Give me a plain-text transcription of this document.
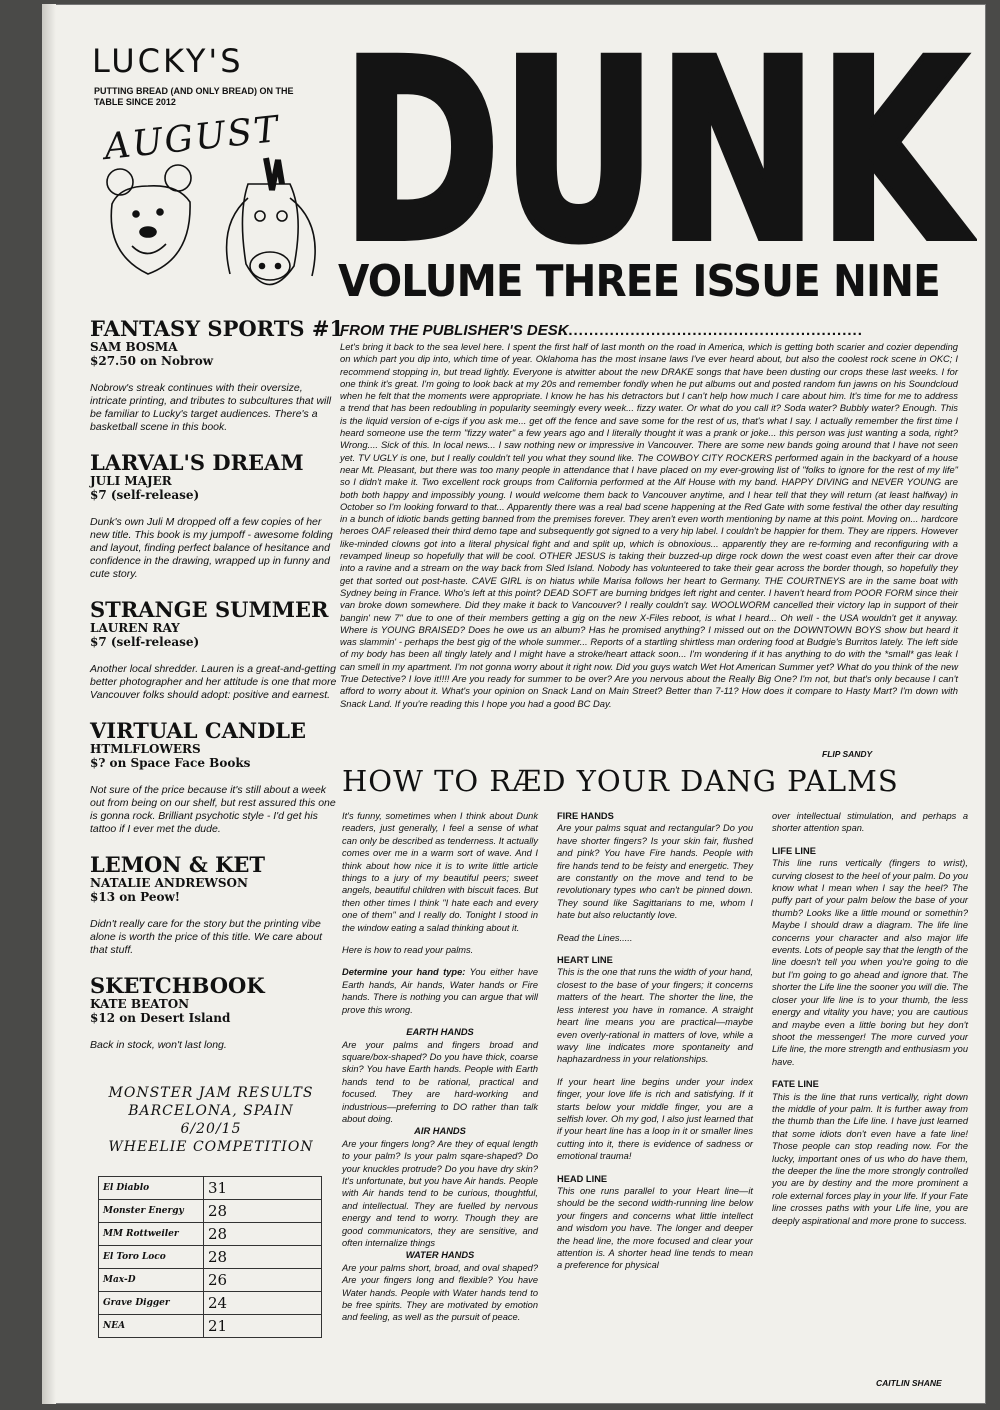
LUCKY'S
PUTTING BREAD (AND ONLY BREAD) ON THE TABLE SINCE 2012
AUGUST DUNK
VOLUME THREE ISSUE NINE
FANTASY SPORTS #1
SAM BOSMA
$27.50 on Nobrow
Nobrow's streak continues with their oversize, intricate printing, and tributes to subcultures that will be familiar to Lucky's target audiences. There's a basketball scene in this book.
LARVAL'S DREAM
JULI MAJER
$7 (self-release)
Dunk's own Juli M dropped off a few copies of her new title. This book is my jumpoff - awesome folding and layout, finding perfect balance of hesitance and confidence in the drawing, wrapped up in funny and cute story.
STRANGE SUMMER
LAUREN RAY
$7 (self-release)
Another local shredder. Lauren is a great-and-getting better photographer and her attitude is one that more Vancouver folks should adopt: positive and earnest.
VIRTUAL CANDLE
HTMLFLOWERS
$? on Space Face Books
Not sure of the price because it's still about a week out from being on our shelf, but rest assured this one is gonna rock. Brilliant psychotic style - I'd get his tattoo if I ever met the dude.
LEMON & KET
NATALIE ANDREWSON
$13 on Peow!
Didn't really care for the story but the printing vibe alone is worth the price of this title. We care about that stuff.
SKETCHBOOK
KATE BEATON
$12 on Desert Island
Back in stock, won't last long.
MONSTER JAM RESULTS
BARCELONA, SPAIN
6/20/15
WHEELIE COMPETITION
El Diablo	31
Monster Energy	28
MM Rottweiler	28
El Toro Loco	28
Max-D	26
Grave Digger	24
NEA	21
FROM THE PUBLISHER'S DESK
...........................................................
Let's bring it back to the sea level here. I spent the first half of last month on the road in America, which is getting both scarier and cozier depending on which part you dip into, which time of year. Oklahoma has the most insane laws I've ever heard about, but also the coolest rock scene in OKC; I recommend stopping in, but tread lightly. Everyone is atwitter about the new DRAKE songs that have been dusting our crops these last weeks. I for one think it's great. I'm going to look back at my 20s and remember fondly when he put albums out and posted random fun jawns on his Soundcloud when he felt that the moments were appropriate. I know he has his detractors but I can't help how much I care about him. It's time for me to address a trend that has been redoubling in popularity seemingly every week... fizzy water. Or what do you call it? Soda water? Bubbly water? Enough. This is the liquid version of e-cigs if you ask me... get off the fence and save some for the rest of us, that's what I say. I actually remember the first time I heard someone use the term "fizzy water" a few years ago and I literally thought it was a prank or joke... this person was just wanting a soda, right? Wrong.... Sick of this. In local news... I saw nothing new or impressive in Vancouver. There are some new bands going around that I have not seen yet. TV UGLY is one, but I really couldn't tell you what they sound like. The COWBOY CITY ROCKERS performed again in the backyard of a house near Mt. Pleasant, but there was too many people in attendance that I have placed on my ever-growing list of "folks to ignore for the rest of my life" so I didn't make it. Two excellent rock groups from California performed at the Alf House with my band. HAPPY DIVING and NEVER YOUNG are both both happy and impossibly young. I would welcome them back to Vancouver anytime, and I hear tell that they will return (at least halfway) in October so I'm looking forward to that... Apparently there was a real bad scene happening at the Red Gate with some festival the other day resulting in a bunch of idiotic bands getting banned from the premises forever. They aren't even worth mentioning by name at this point. Moving on... hardcore heroes OAF released their third demo tape and subsequently got signed to a very hip label. I couldn't be happier for them. They are rippers. However like-minded clowns got into a literal physical fight and and split up, which is obnoxious... apparently they are re-forming and reconfiguring with a revamped lineup so hopefully that will be cool. OTHER JESUS is taking their buzzed-up dirge rock down the west coast even after their car drove into a ravine and a stream on the way back from Sled Island. Nobody has volunteered to take their gear across the border though, so hopefully they get that sorted out post-haste. CAVE GIRL is on hiatus while Marisa follows her heart to Germany. THE COURTNEYS are in the same boat with Sydney being in France. Who's left at this point? DEAD SOFT are burning bridges left right and center. I haven't heard from POOR FORM since their van broke down somewhere. Did they make it back to Vancouver? I really couldn't say. WOOLWORM cancelled their victory lap in support of their bangin' new 7" due to one of their members getting a gig on the new X-Files reboot, is what I heard... Oh well - the USA wouldn't get it anyway. Where is YOUNG BRAISED? Does he owe us an album? Has he promised anything? I missed out on the DOWNTOWN BOYS show but heard it was slammin' - perhaps the best gig of the whole summer... Reports of a startling shirtless man ordering food at Budgie's Burritos lately. The left side of my body has been all tingly lately and I might have a stroke/heart attack soon... I'm wondering if it has anything to do with the *small* gas leak I can smell in my apartment. I'm not gonna worry about it right now. Did you guys watch Wet Hot American Summer yet? What do you think of the new True Detective? I love it!!!! Are you ready for summer to be over? Are you nervous about the Really Big One? I'm not, but that's only because I can't afford to worry about it. What's your opinion on Snack Land on Main Street? Better than 7-11? How does it compare to Hasty Mart? I'm down with Snack Land. If you're reading this I hope you had a good BC Day.
FLIP SANDY
HOW TO RÆD YOUR DANG PALMS

It's funny, sometimes when I think about Dunk readers, just generally, I feel a sense of what can only be described as tenderness. It actually comes over me in a warm sort of wave. And I think about how nice it is to write little article things to a jury of my beautiful peers; sweet angels, beautiful children with biscuit faces. But then other times I think "I hate each and every one of them" and I really do. Tonight I stood in the window eating a salad thinking about it.

Here is how to read your palms.

Determine your hand type: You either have Earth hands, Air hands, Water hands or Fire hands. There is nothing you can argue that will prove this wrong.

EARTH HANDS

Are your palms and fingers broad and square/box-shaped? Do you have thick, coarse skin? You have Earth hands. People with Earth hands tend to be rational, practical and focused. They are hard-working and industrious—preferring to DO rather than talk about doing.

AIR HANDS

Are your fingers long? Are they of equal length to your palm? Is your palm sqare-shaped? Do your knuckles protrude? Do you have dry skin? It's unfortunate, but you have Air hands. People with Air hands tend to be curious, thoughtful, and intellectual. They are fuelled by nervous energy and tend to worry. Though they are good communicators, they are sensitive, and often internalize things

WATER HANDS

Are your palms short, broad, and oval shaped? Are your fingers long and flexible? You have Water hands. People with Water hands tend to be free spirits. They are motivated by emotion and feeling, as well as the pursuit of peace.

FIRE HANDS

Are your palms squat and rectangular? Do you have shorter fingers? Is your skin fair, flushed and pink? You have Fire hands. People with fire hands tend to be feisty and energetic. They are constantly on the move and tend to be revolutionary types who can't be pinned down. They sound like Sagittarians to me, whom I hate but also reluctantly love.

Read the Lines.....

HEART LINE

This is the one that runs the width of your hand, closest to the base of your fingers; it concerns matters of the heart. The shorter the line, the less interest you have in romance. A straight heart line means you are practical—maybe even overly-rational in matters of love, while a wavy line indicates more spontaneity and haphazardness in your relationships.

If your heart line begins under your index finger, your love life is rich and satisfying. If it starts below your middle finger, you are a selfish lover. Oh my god, I also just learned that if your heart line has a loop in it or smaller lines cutting into it, there is evidence of sadness or emotional trauma!

HEAD LINE

This one runs parallel to your Heart line—it should be the second width-running line below your fingers and concerns what little intellect and wisdom you have. The longer and deeper the head line, the more focused and clear your attention is. A shorter head line tends to mean a preference for physical

over intellectual stimulation, and perhaps a shorter attention span.

LIFE LINE

This line runs vertically (fingers to wrist), curving closest to the heel of your palm. Do you know what I mean when I say the heel? The puffy part of your palm below the base of your thumb? Looks like a little mound or somethin? Maybe I should draw a diagram. The life line concerns your character and also major life events. Lots of people say that the length of the line doesn't tell you when you're going to die but I'm going to go ahead and ignore that. The shorter the Life line the sooner you will die. The closer your life line is to your thumb, the less energy and vitality you have; you are cautious and maybe even a little boring but hey don't shoot the messenger! The more curved your Life line, the more strength and enthusiasm you have.

FATE LINE

This is the line that runs vertically, right down the middle of your palm. It is further away from the thumb than the Life line. I have just learned that some idiots don't even have a fate line! Those people can stop reading now. For the lucky, important ones of us who do have them, the deeper the line the more strongly controlled you are by destiny and the more prominent a role external forces play in your life. If your Fate line crosses paths with your Life line, you are deeply aspirational and more prone to success.

CAITLIN SHANE
